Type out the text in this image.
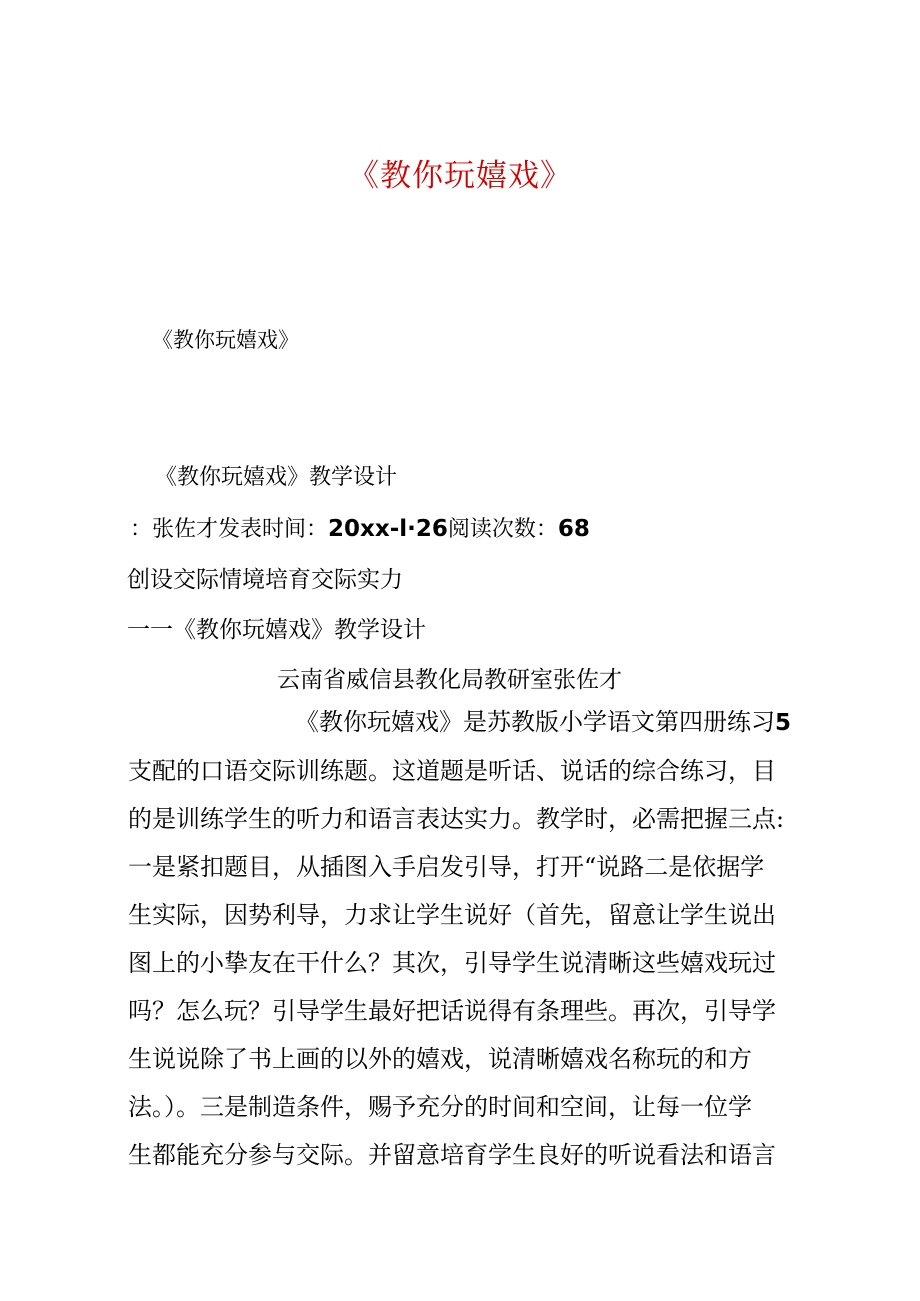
《教你玩嬉戏》
《教你玩嬉戏》
《教你玩嬉戏》教学设计
：张佐才发表时间：20xx-l·26阅读次数：68
创设交际情境培育交际实力
一一《教你玩嬉戏》教学设计
云南省威信县教化局教研室张佐才
《教你玩嬉戏》是苏教版小学语文第四册练习5
支配的口语交际训练题。这道题是听话、说话的综合练习，目
的是训练学生的听力和语言表达实力。教学时，必需把握三点:
一是紧扣题目，从插图入手启发引导，打开“说路二是依据学
生实际，因势利导，力求让学生说好（首先，留意让学生说出
图上的小挚友在干什么？其次，引导学生说清晰这些嬉戏玩过
吗？怎么玩？引导学生最好把话说得有条理些。再次，引导学
生说说除了书上画的以外的嬉戏，说清晰嬉戏名称玩的和方
法。）。三是制造条件，赐予充分的时间和空间，让每一位学
生都能充分参与交际。并留意培育学生良好的听说看法和语言
